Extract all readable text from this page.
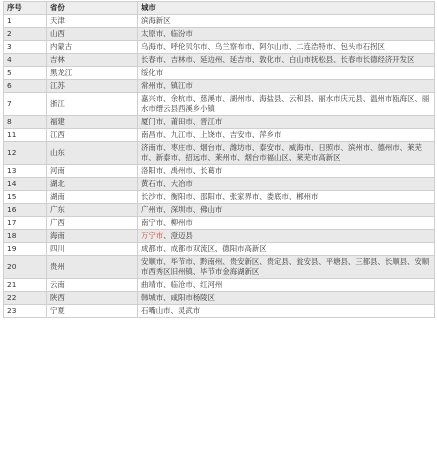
序号	省份	城市
1	天津	滨海新区
2	山西	太原市、临汾市
3	内蒙古	乌海市、呼伦贝尔市、乌兰察布市、阿尔山市、二连浩特市、包头市石拐区
4	吉林	长春市、吉林市、延边州、延吉市、敦化市、白山市抚松县、长春市长德经济开发区
5	黑龙江	绥化市
6	江苏	常州市、镇江市
7	浙江	嘉兴市、余杭市、慈溪市、湖州市、海盐县、云和县、丽水市庆元县、温州市瓯海区、丽水市缙云县西溪乡小镇
8	福建	厦门市、莆田市、晋江市
11	江西	南昌市、九江市、上饶市、吉安市、萍乡市
12	山东	济南市、枣庄市、烟台市、潍坊市、泰安市、威海市、日照市、滨州市、德州市、莱芜市、新泰市、招远市、莱州市、烟台市福山区、莱芜市高新区
13	河南	洛阳市、禹州市、长葛市
14	湖北	黄石市、大冶市
15	湖南	长沙市、衡阳市、邵阳市、张家界市、娄底市、郴州市
16	广东	广州市、深圳市、佛山市
17	广西	南宁市、柳州市
18	海南	万宁市、澄迈县
19	四川	成都市、成都市双流区、德阳市高新区
20	贵州	安顺市、毕节市、黔南州、贵安新区、贵定县、瓮安县、平塘县、三都县、长顺县、安顺市西秀区旧州镇、毕节市金海湖新区
21	云南	曲靖市、临沧市、红河州
22	陕西	韩城市、咸阳市杨陵区
23	宁夏	石嘴山市、灵武市
